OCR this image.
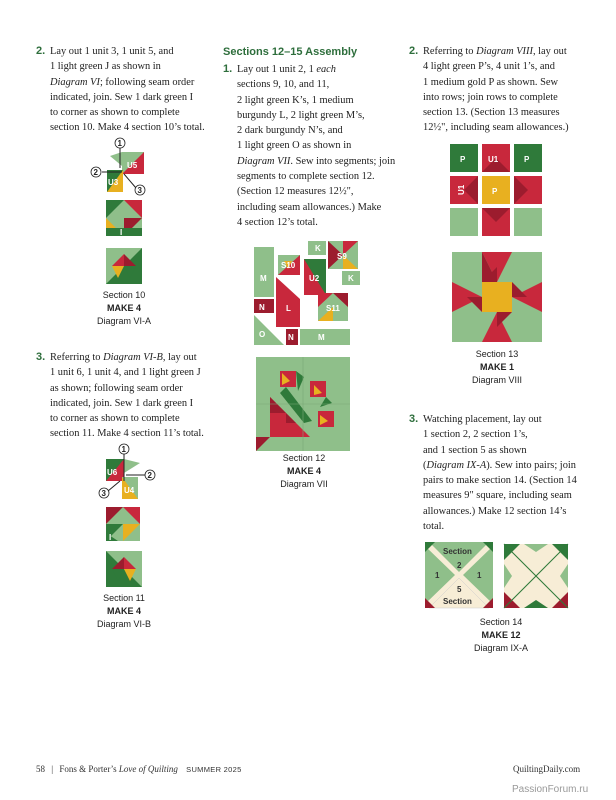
2. Lay out 1 unit 3, 1 unit 5, and
1 light green J as shown in
Diagram VI; following seam order
indicated, join. Sew 1 dark green I
to corner as shown to complete
section 10. Make 4 section 10’s total.
U5
U3
1
2
3
I
Section 10
MAKE 4
Diagram VI-A
3. Referring to Diagram VI-B, lay out
1 unit 6, 1 unit 4, and 1 light green J
as shown; following seam order
indicated, join. Sew 1 dark green I
to corner as shown to complete
section 11. Make 4 section 11’s total.
U6
U4
1
2
3
I
Section 11
MAKE 4
Diagram VI-B
Sections 12–15 Assembly
1. Lay out 1 unit 2, 1 each
sections 9, 10, and 11,
2 light green K’s, 1 medium
burgundy L, 2 light green M’s,
2 dark burgundy N’s, and
1 light green O as shown in
Diagram VII. Sew into segments; join
segments to complete section 12.
(Section 12 measures 12½",
including seam allowances.) Make
4 section 12’s total.
M
N	L
O	N	M
S10
K
S9
U2	K
S11
Section 12
MAKE 4
Diagram VII
2. Referring to Diagram VIII, lay out
4 light green P’s, 4 unit 1’s, and
1 medium gold P as shown. Sew
into rows; join rows to complete
section 13. (Section 13 measures
12½", including seam allowances.)
P	U1	P
U1	P
Section 13
MAKE 1
Diagram VIII
3. Watching placement, lay out
1 section 2, 2 section 1’s,
and 1 section 5 as shown
(Diagram IX-A). Sew into pairs; join
pairs to make section 14. (Section 14
measures 9" square, including seam
allowances.) Make 12 section 14’s
total.
Section
2
1	1
5
Section
Section 14
MAKE 12
Diagram IX-A
58 | Fons & Porter’s Love of Quilting SUMMER 2025	QuiltingDaily.com
PassionForum.ru
